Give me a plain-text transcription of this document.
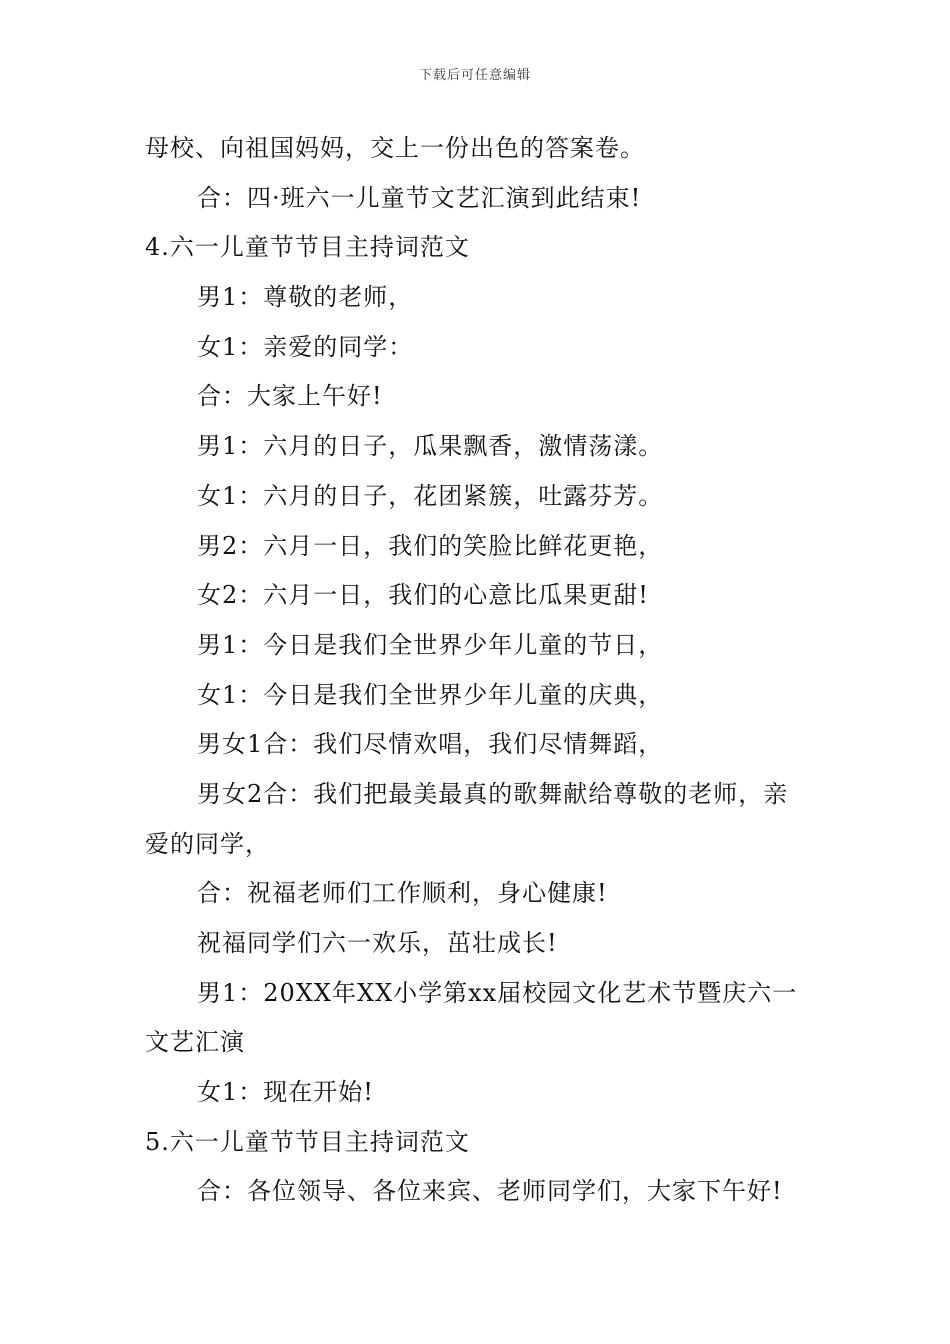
下载后可任意编辑
母校、向祖国妈妈，交上一份出色的答案卷。
合：四·班六一儿童节文艺汇演到此结束!
4.六一儿童节节目主持词范文
男1：尊敬的老师，
女1：亲爱的同学：
合：大家上午好!
男1：六月的日子，瓜果飘香，激情荡漾。
女1：六月的日子，花团紧簇，吐露芬芳。
男2：六月一日，我们的笑脸比鲜花更艳，
女2：六月一日，我们的心意比瓜果更甜!
男1：今日是我们全世界少年儿童的节日，
女1：今日是我们全世界少年儿童的庆典，
男女1合：我们尽情欢唱，我们尽情舞蹈，
男女2合：我们把最美最真的歌舞献给尊敬的老师，亲
爱的同学，
合：祝福老师们工作顺利，身心健康!
祝福同学们六一欢乐，茁壮成长!
男1：20XX年XX小学第xx届校园文化艺术节暨庆六一
文艺汇演
女1：现在开始!
5.六一儿童节节目主持词范文
合：各位领导、各位来宾、老师同学们，大家下午好!
